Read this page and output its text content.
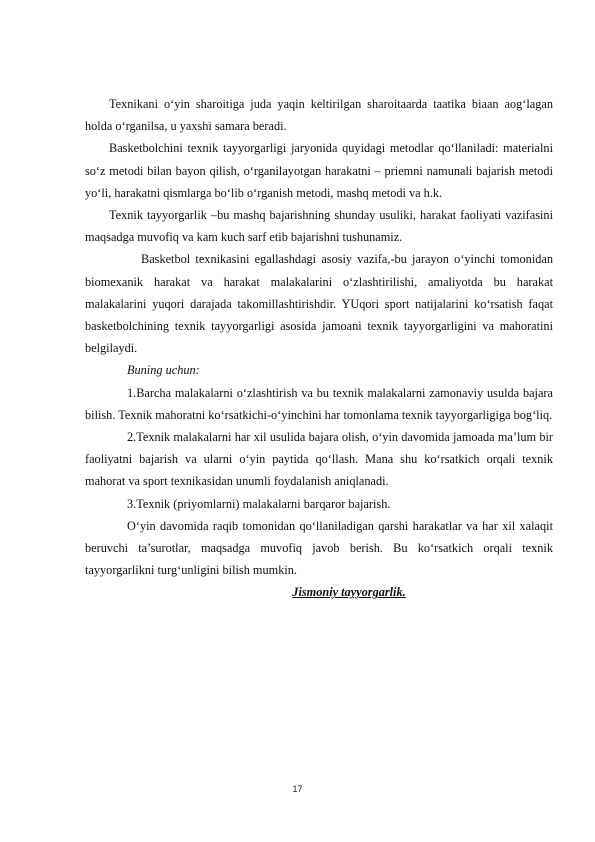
Texnikani o‘yin sharoitiga juda yaqin keltirilgan sharoitaarda taatika biaan aog‘lagan holda o‘rganilsa, u yaxshi samara beradi.

Basketbolchini texnik tayyorgarligi jaryonida quyidagi metodlar qo‘llaniladi: materialni so‘z metodi bilan bayon qilish, o‘rganilayotgan harakatni – priemni namunali bajarish metodi yo‘li, harakatni qismlarga bo‘lib o‘rganish metodi, mashq metodi va h.k.

Texnik tayyorgarlik –bu mashq bajarishning shunday usuliki, harakat faoliyati vazifasini maqsadga muvofiq va kam kuch sarf etib bajarishni tushunamiz.

Basketbol texnikasini egallashdagi asosiy vazifa,-bu jarayon o‘yinchi tomonidan biomexanik harakat va harakat malakalarini o‘zlashtirilishi, amaliyotda bu harakat malakalarini yuqori darajada takomillashtirishdir. YUqori sport natijalarini ko‘rsatish faqat basketbolchining texnik tayyorgarligi asosida jamoani texnik tayyorgarligini va mahoratini belgilaydi.

Buning uchun:

1.Barcha malakalarni o‘zlashtirish va bu texnik malakalarni zamonaviy usulda bajara bilish. Texnik mahoratni ko‘rsatkichi-o‘yinchini har tomonlama texnik tayyorgarligiga bog‘liq.

2.Texnik malakalarni har xil usulida bajara olish, o‘yin davomida jamoada ma’lum bir faoliyatni bajarish va ularni o‘yin paytida qo‘llash. Mana shu ko‘rsatkich orqali texnik mahorat va sport texnikasidan unumli foydalanish aniqlanadi.

3.Texnik (priyomlarni) malakalarni barqaror bajarish.

O‘yin davomida raqib tomonidan qo‘llaniladigan qarshi harakatlar va har xil xalaqit beruvchi ta’surotlar, maqsadga muvofiq javob berish. Bu ko‘rsatkich orqali texnik tayyorgarlikni turg‘unligini bilish mumkin.

Jismoniy tayyorgarlik.

17
